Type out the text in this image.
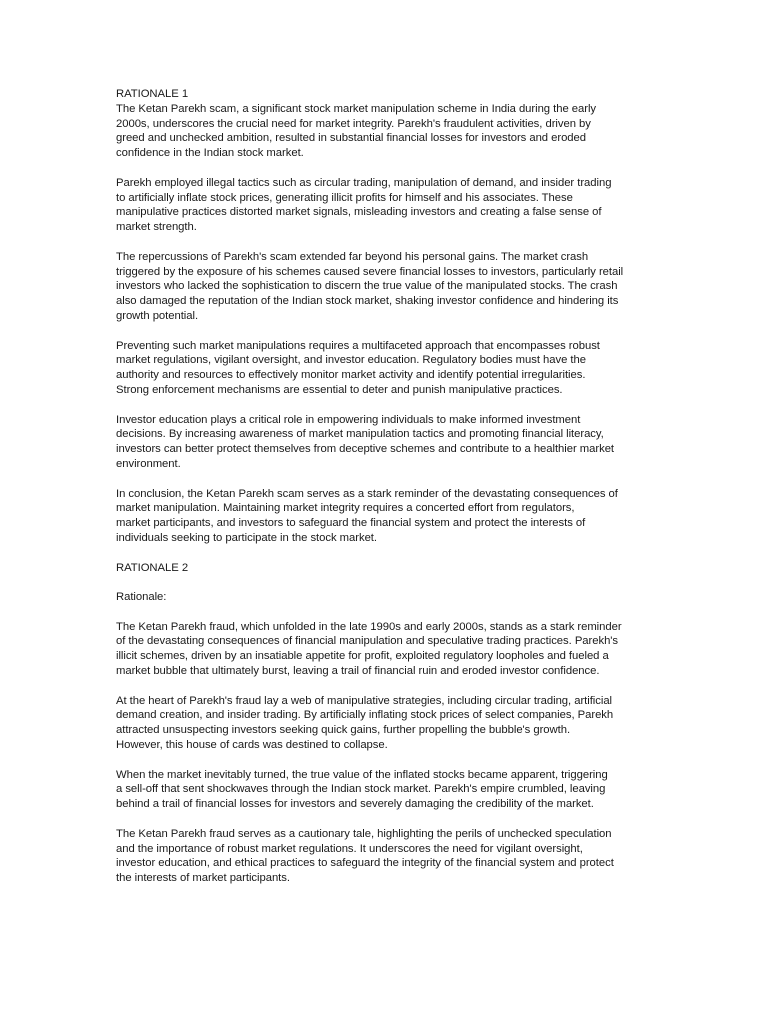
RATIONALE 1

The Ketan Parekh scam, a significant stock market manipulation scheme in India during the early
2000s, underscores the crucial need for market integrity. Parekh's fraudulent activities, driven by
greed and unchecked ambition, resulted in substantial financial losses for investors and eroded
confidence in the Indian stock market.

Parekh employed illegal tactics such as circular trading, manipulation of demand, and insider trading
to artificially inflate stock prices, generating illicit profits for himself and his associates. These
manipulative practices distorted market signals, misleading investors and creating a false sense of
market strength.

The repercussions of Parekh's scam extended far beyond his personal gains. The market crash
triggered by the exposure of his schemes caused severe financial losses to investors, particularly retail
investors who lacked the sophistication to discern the true value of the manipulated stocks. The crash
also damaged the reputation of the Indian stock market, shaking investor confidence and hindering its
growth potential.

Preventing such market manipulations requires a multifaceted approach that encompasses robust
market regulations, vigilant oversight, and investor education. Regulatory bodies must have the
authority and resources to effectively monitor market activity and identify potential irregularities.
Strong enforcement mechanisms are essential to deter and punish manipulative practices.

Investor education plays a critical role in empowering individuals to make informed investment
decisions. By increasing awareness of market manipulation tactics and promoting financial literacy,
investors can better protect themselves from deceptive schemes and contribute to a healthier market
environment.

In conclusion, the Ketan Parekh scam serves as a stark reminder of the devastating consequences of
market manipulation. Maintaining market integrity requires a concerted effort from regulators,
market participants, and investors to safeguard the financial system and protect the interests of
individuals seeking to participate in the stock market.

RATIONALE 2

Rationale:

The Ketan Parekh fraud, which unfolded in the late 1990s and early 2000s, stands as a stark reminder
of the devastating consequences of financial manipulation and speculative trading practices. Parekh's
illicit schemes, driven by an insatiable appetite for profit, exploited regulatory loopholes and fueled a
market bubble that ultimately burst, leaving a trail of financial ruin and eroded investor confidence.

At the heart of Parekh's fraud lay a web of manipulative strategies, including circular trading, artificial
demand creation, and insider trading. By artificially inflating stock prices of select companies, Parekh
attracted unsuspecting investors seeking quick gains, further propelling the bubble's growth.
However, this house of cards was destined to collapse.

When the market inevitably turned, the true value of the inflated stocks became apparent, triggering
a sell-off that sent shockwaves through the Indian stock market. Parekh's empire crumbled, leaving
behind a trail of financial losses for investors and severely damaging the credibility of the market.

The Ketan Parekh fraud serves as a cautionary tale, highlighting the perils of unchecked speculation
and the importance of robust market regulations. It underscores the need for vigilant oversight,
investor education, and ethical practices to safeguard the integrity of the financial system and protect
the interests of market participants.
